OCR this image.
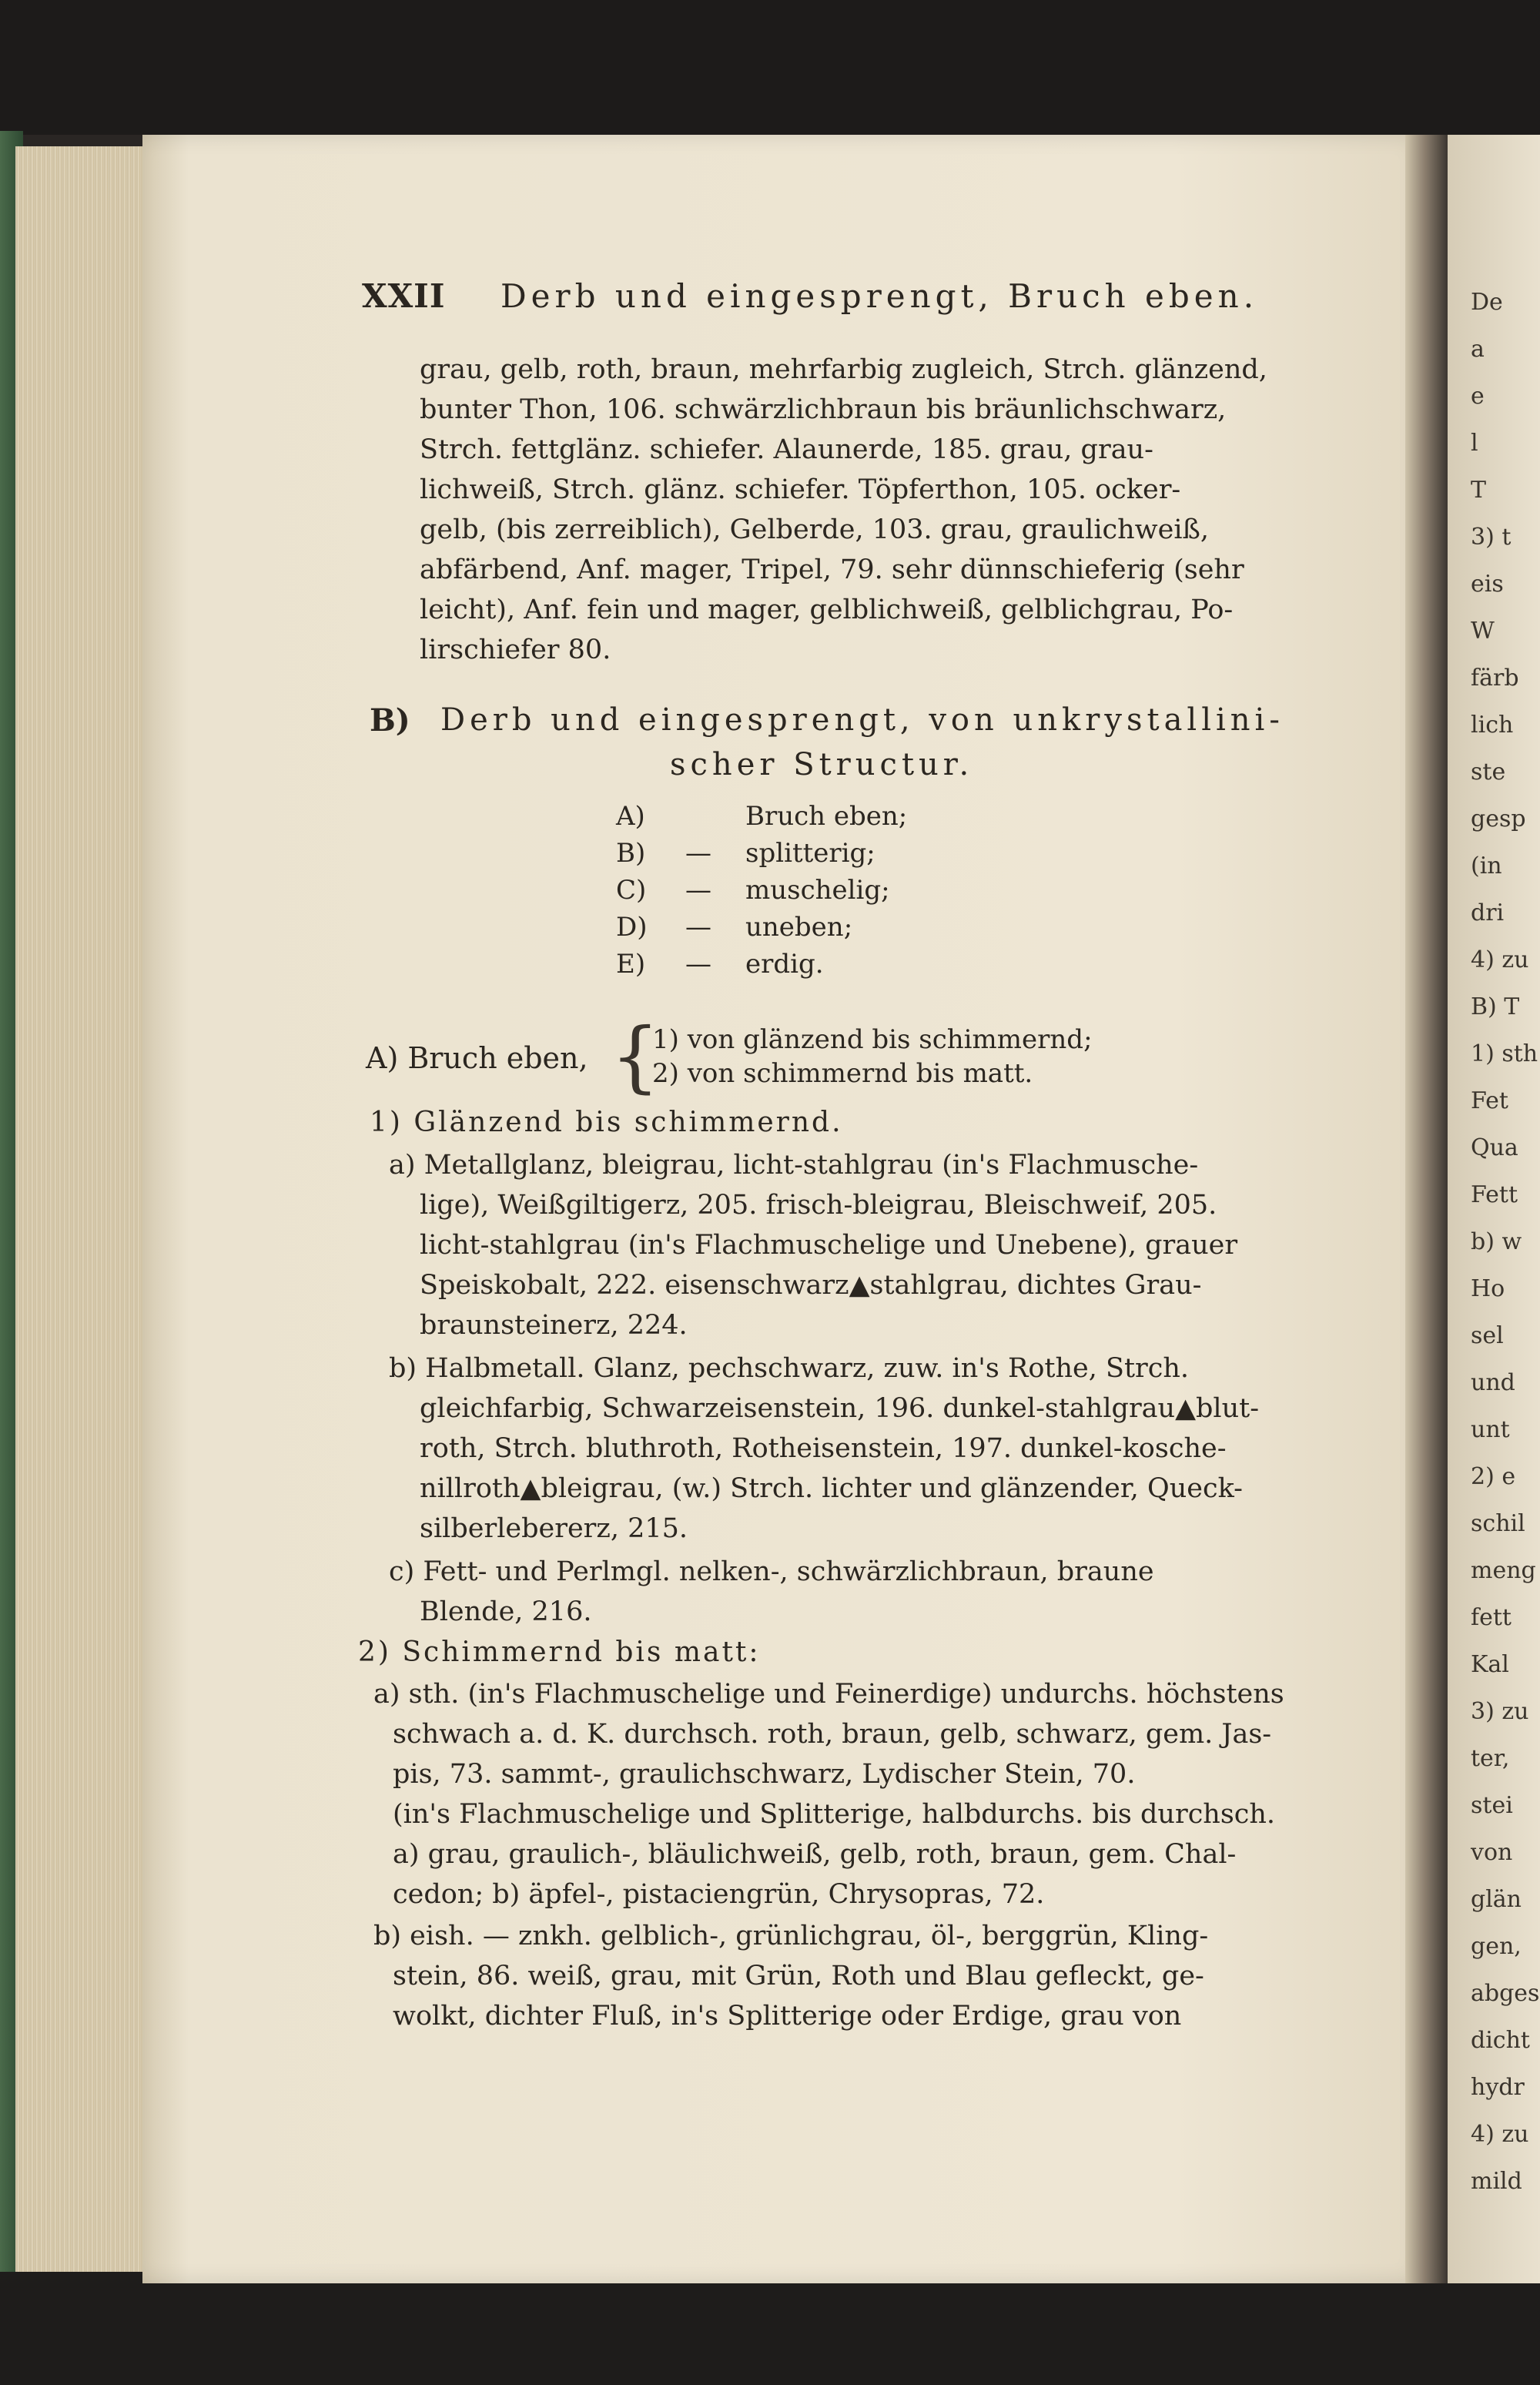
De
a
e
l
T
3) t
eis
W
färb
lich
ste
gesp
(in
dri
4) zu
B) T
1) sth
Fet
Qua
Fett
b) w
Ho
sel
und
unt
2) e
schil
meng
fett
Kal
3) zu
ter,
stei
von
glän
gen,
abges
dicht
hydr
4) zu
mild
XXII Derb und eingesprengt, Bruch eben.
grau, gelb, roth, braun, mehrfarbig zugleich, Strch. glänzend,
bunter Thon, 106. schwärzlichbraun bis bräunlichschwarz,
Strch. fettglänz. schiefer. Alaunerde, 185. grau, grau-
lichweiß, Strch. glänz. schiefer. Töpferthon, 105. ocker-
gelb, (bis zerreiblich), Gelberde, 103. grau, graulichweiß,
abfärbend, Anf. mager, Tripel, 79. sehr dünnschieferig (sehr
leicht), Anf. fein und mager, gelblichweiß, gelblichgrau, Po-
lirschiefer 80.
B) Derb und eingesprengt, von unkrystallini-
scher Structur.
A)	Bruch eben;
B) — splitterig;
C) — muschelig;
D) — uneben;
E) — erdig.
A) Bruch eben, {
1) von glänzend bis schimmernd;
2) von schimmernd bis matt.
1) Glänzend bis schimmernd.
a) Metallglanz, bleigrau, licht-stahlgrau (in's Flachmusche-
lige), Weißgiltigerz, 205. frisch-bleigrau, Bleischweif, 205.
licht-stahlgrau (in's Flachmuschelige und Unebene), grauer
Speiskobalt, 222. eisenschwarz▲stahlgrau, dichtes Grau-
braunsteinerz, 224.
b) Halbmetall. Glanz, pechschwarz, zuw. in's Rothe, Strch.
gleichfarbig, Schwarzeisenstein, 196. dunkel-stahlgrau▲blut-
roth, Strch. bluthroth, Rotheisenstein, 197. dunkel-kosche-
nillroth▲bleigrau, (w.) Strch. lichter und glänzender, Queck-
silberlebererz, 215.
c) Fett- und Perlmgl. nelken-, schwärzlichbraun, braune
Blende, 216.
2) Schimmernd bis matt:
a) sth. (in's Flachmuschelige und Feinerdige) undurchs. höchstens
schwach a. d. K. durchsch. roth, braun, gelb, schwarz, gem. Jas-
pis, 73. sammt-, graulichschwarz, Lydischer Stein, 70.
(in's Flachmuschelige und Splitterige, halbdurchs. bis durchsch.
a) grau, graulich-, bläulichweiß, gelb, roth, braun, gem. Chal-
cedon; b) äpfel-, pistaciengrün, Chrysopras, 72.
b) eish. — znkh. gelblich-, grünlichgrau, öl-, berggrün, Kling-
stein, 86. weiß, grau, mit Grün, Roth und Blau gefleckt, ge-
wolkt, dichter Fluß, in's Splitterige oder Erdige, grau von
